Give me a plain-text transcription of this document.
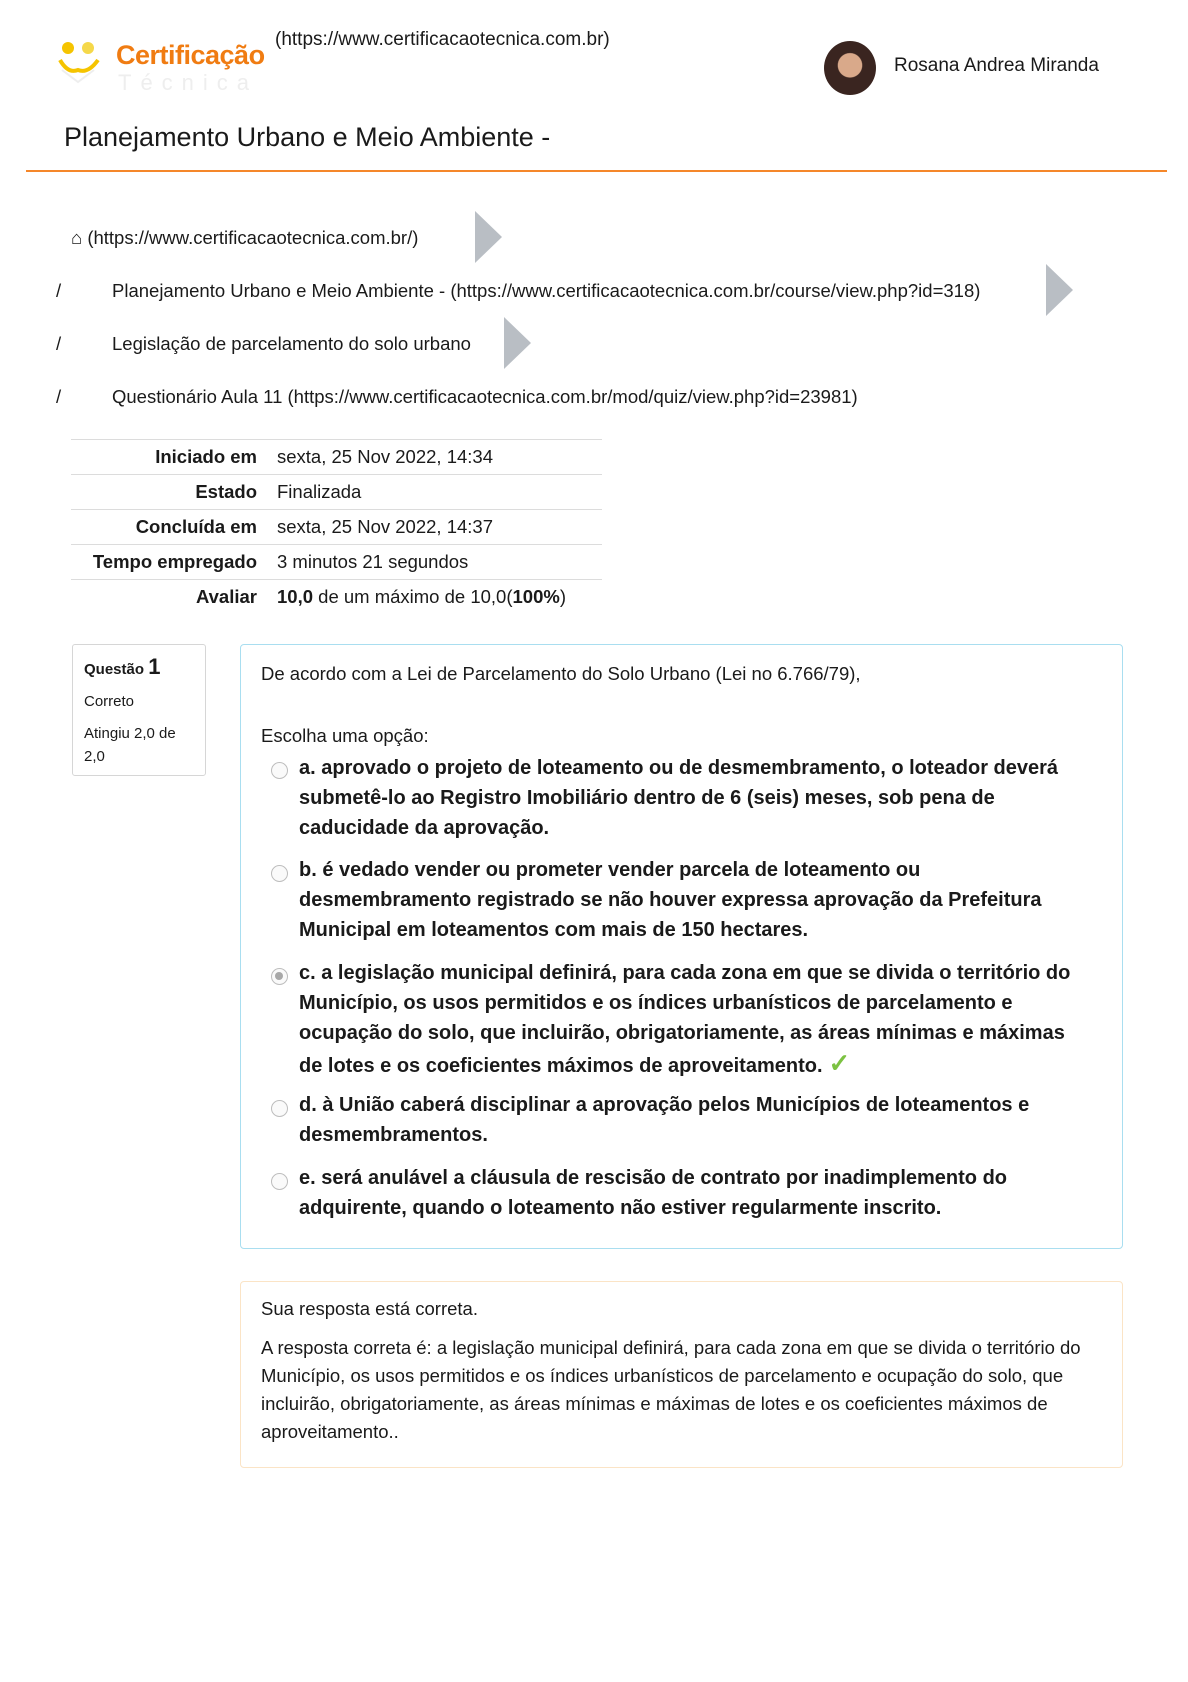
Certificação
Técnica
(https://www.certificacaotecnica.com.br)
Rosana Andrea Miranda
Planejamento Urbano e Meio Ambiente -
⌂ (https://www.certificacaotecnica.com.br/)
/	Planejamento Urbano e Meio Ambiente - (https://www.certificacaotecnica.com.br/course/view.php?id=318)
/	Legislação de parcelamento do solo urbano
/	Questionário Aula 11 (https://www.certificacaotecnica.com.br/mod/quiz/view.php?id=23981)
Iniciado em	sexta, 25 Nov 2022, 14:34
Estado	Finalizada
Concluída em	sexta, 25 Nov 2022, 14:37
Tempo empregado	3 minutos 21 segundos
Avaliar	10,0 de um máximo de 10,0(100%)
Questão 1
Correto
Atingiu 2,0 de 2,0
De acordo com a Lei de Parcelamento do Solo Urbano (Lei no 6.766/79),
Escolha uma opção:
a. aprovado o projeto de loteamento ou de desmembramento, o loteador deverá submetê-lo ao Registro Imobiliário dentro de 6 (seis) meses, sob pena de caducidade da aprovação.
b. é vedado vender ou prometer vender parcela de loteamento ou desmembramento registrado se não houver expressa aprovação da Prefeitura Municipal em loteamentos com mais de 150 hectares.
c. a legislação municipal definirá, para cada zona em que se divida o território do Município, os usos permitidos e os índices urbanísticos de parcelamento e ocupação do solo, que incluirão, obrigatoriamente, as áreas mínimas e máximas de lotes e os coeficientes máximos de aproveitamento. ✓
d. à União caberá disciplinar a aprovação pelos Municípios de loteamentos e desmembramentos.
e. será anulável a cláusula de rescisão de contrato por inadimplemento do adquirente, quando o loteamento não estiver regularmente inscrito.
Sua resposta está correta.
A resposta correta é: a legislação municipal definirá, para cada zona em que se divida o território do Município, os usos permitidos e os índices urbanísticos de parcelamento e ocupação do solo, que incluirão, obrigatoriamente, as áreas mínimas e máximas de lotes e os coeficientes máximos de aproveitamento..
